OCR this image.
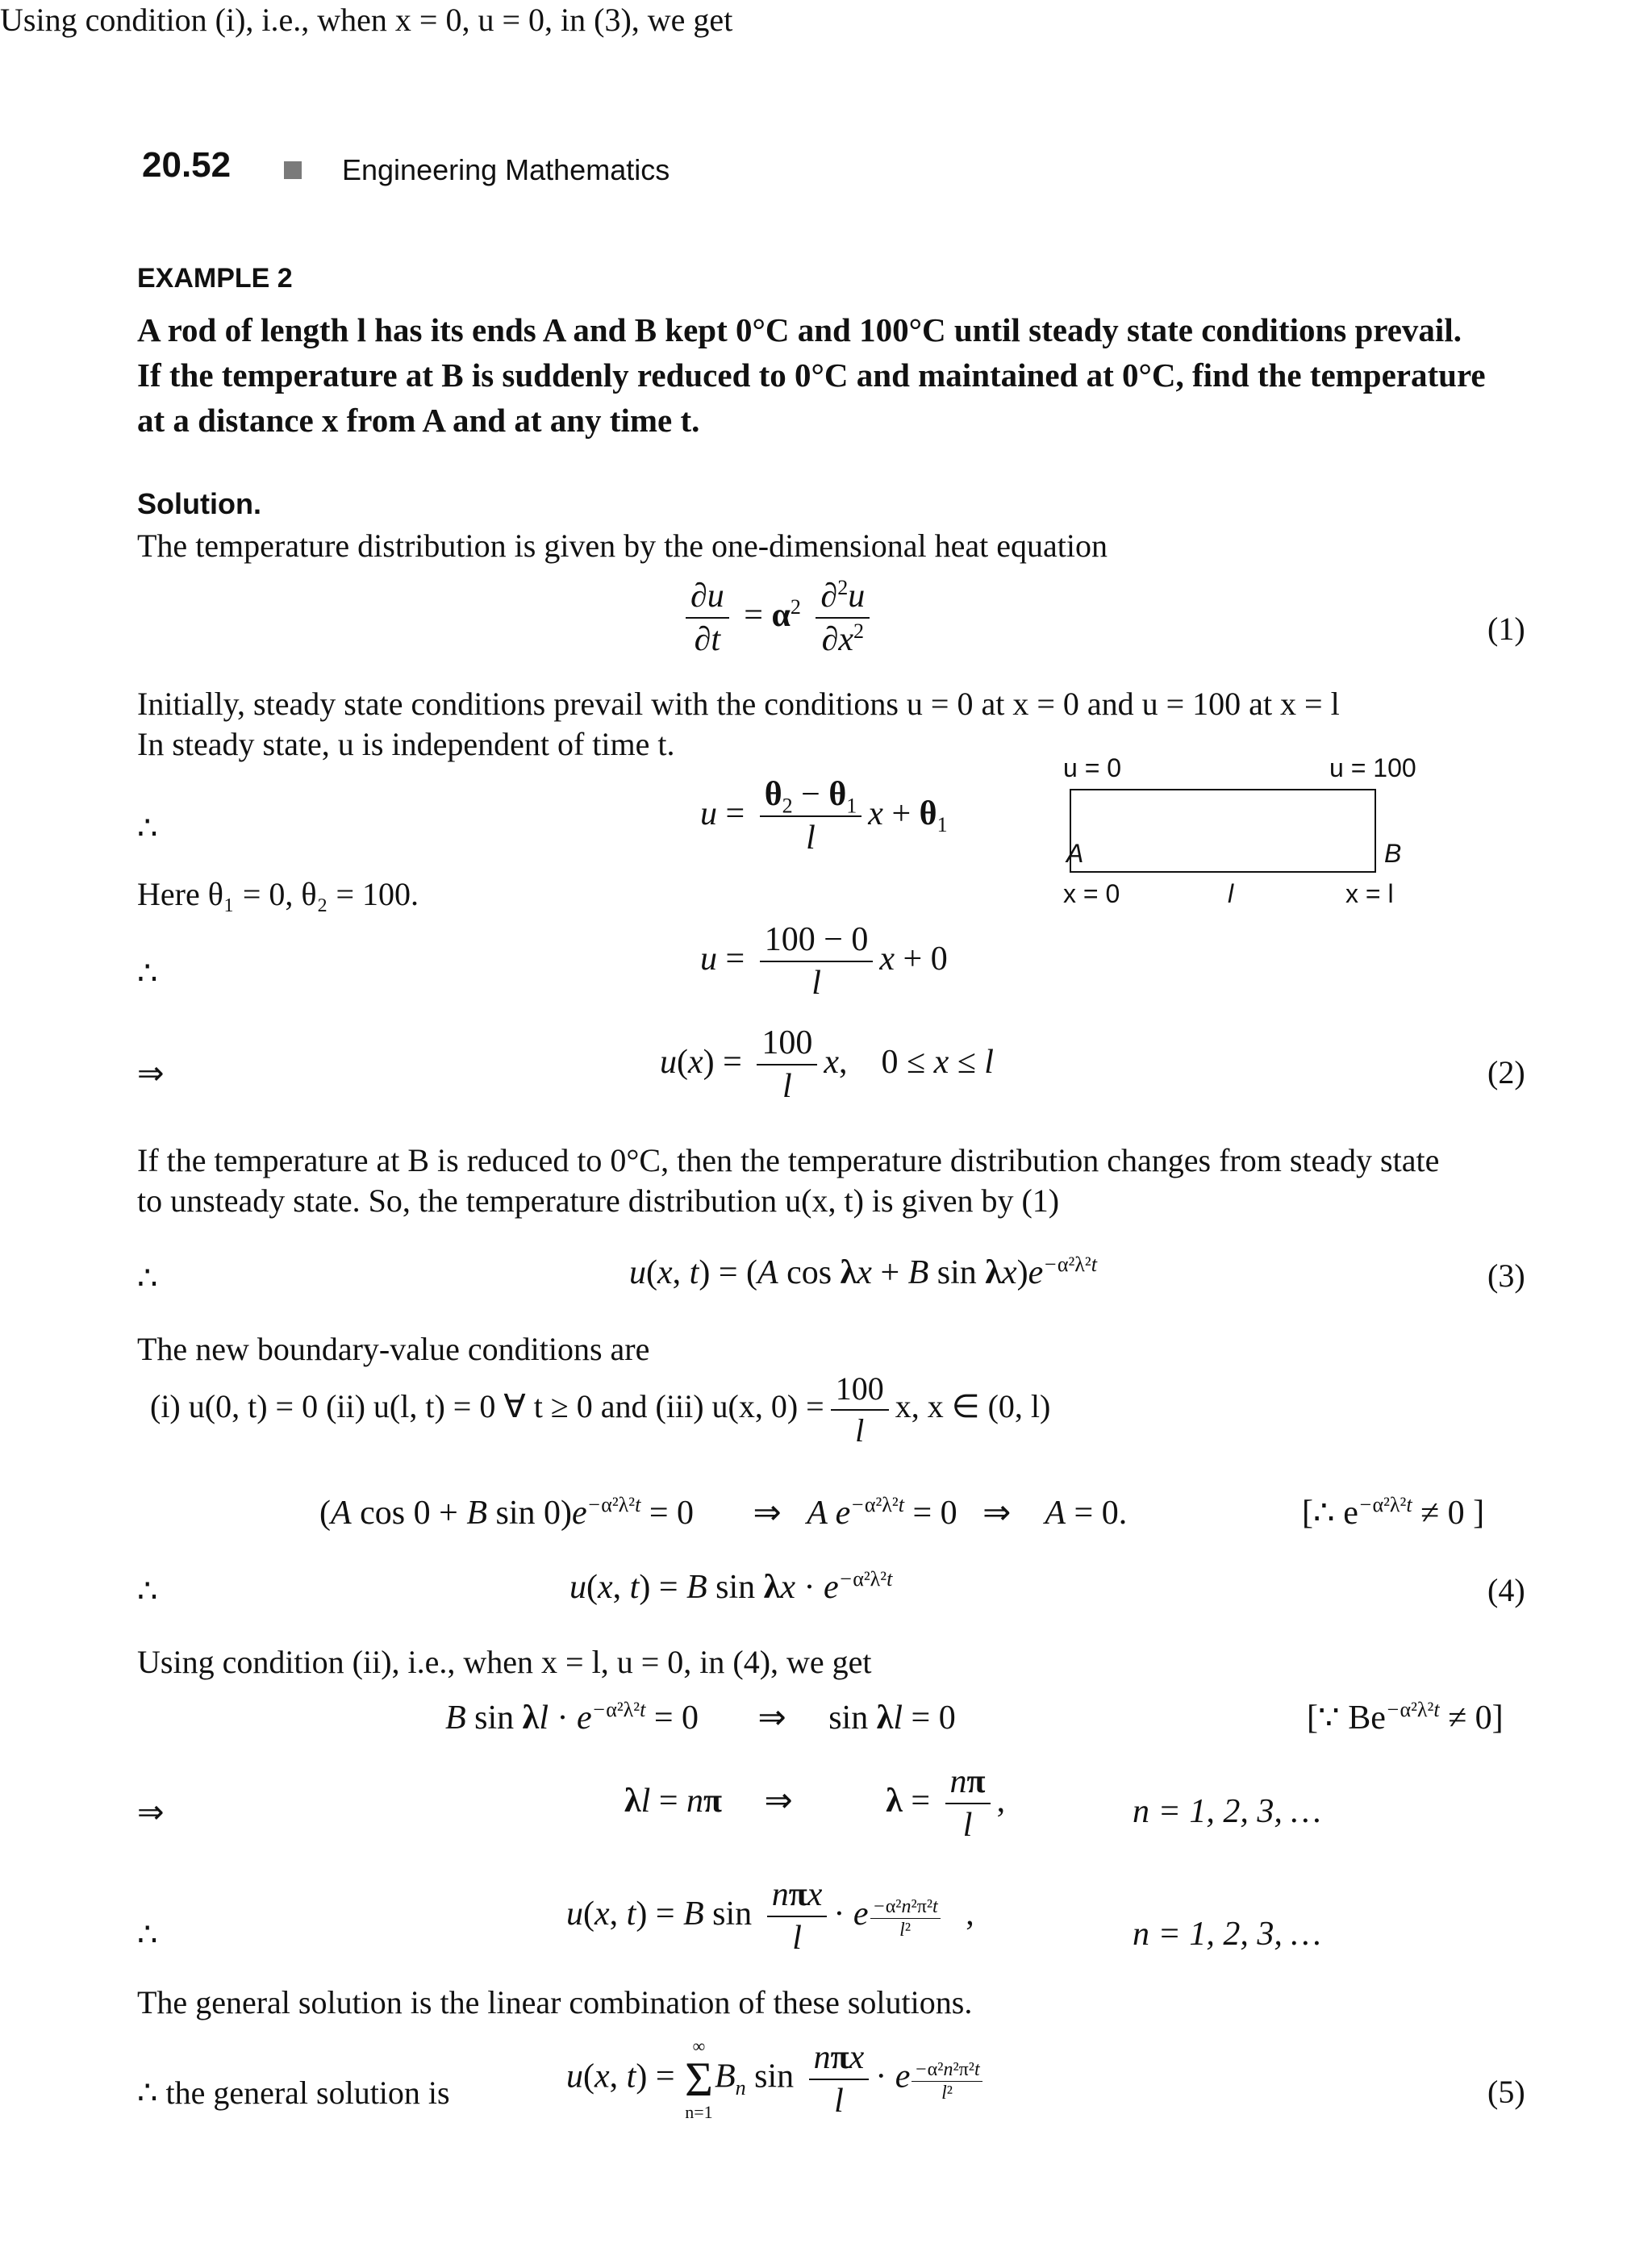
20.52	Engineering Mathematics
EXAMPLE 2
A rod of length l has its ends A and B kept 0°C and 100°C until steady state conditions prevail.
If the temperature at B is suddenly reduced to 0°C and maintained at 0°C, find the temperature
at a distance x from A and at any time t.
Solution.
The temperature distribution is given by the one-dimensional heat equation
$\frac{\partial u}{\partial t} = \alpha^2 \frac{\partial^2u}{\partial x^2}$	(1)
Initially, steady state conditions prevail with the conditions u = 0 at x = 0 and u = 100 at x = l
In steady state, u is independent of time t.
u = 0	u = 100
A	B
x = 0	l	x = l
∴	$u = \frac{\theta_2 - \theta_1}{l}$ $x + \theta_1$
Here θ₁ = 0, θ₂ = 100.
∴	$u = \frac{100 - 0}{l}$ x + 0
⇒	$u(x) = \frac{100}{l} x$,    0 ≤ x ≤ l	(2)
If the temperature at B is reduced to 0°C, then the temperature distribution changes from steady state
to unsteady state. So, the temperature distribution u(x, t) is given by (1)
∴	u(x, t) = (A cos λx + B $\sin \lambda x)e^{-\alpha^2\lambda^2t}$	(3)
The new boundary-value conditions are
(i) u(0, t) = 0 (ii) u(l, t) = 0 ∀ t ≥ 0 and (iii) u(x, $0) = \frac{100}{l} x$, x ∈ (0, l)
Using condition (i), i.e., when x = 0, u = 0, in (3), we get
(A cos 0 + B $\sin 0)e^{-\alpha^2\lambda^2t} = 0$       ⇒   A $e^{-\alpha^2\lambda^2t} = 0$   ⇒    A = 0.	[∴ $e^{-\alpha^2\lambda^2t} \ne 0$ ]
∴	u(x, t) = B $\sin \lambda x \cdot e^{-\alpha^2\lambda^2t}$	(4)
Using condition (ii), i.e., when x = l, u = 0, in (4), we get
B $\sin \lambda l \cdot e^{-\alpha^2\lambda^2t} = 0$       ⇒     sin λl = 0	[∵ $Be^{-\alpha^2\lambda^2t} \ne 0$]
⇒	λl = nπ     ⇒           $\lambda = \frac{n\pi}{l}$ ,	n = 1, 2, 3, …
∴
u(x, t) = B $\sin \frac{\text{nπx}}{l} \cdot e \frac{\text{−α²n²π²t}}{\text{l²}}$ ,
n = 1, 2, 3, …
The general solution is the linear combination of these solutions.
∴ the general solution is	u(x, t) =
∞
Σ
n=1
$B_n$ $\sin \frac{\text{nπx}}{l} \cdot e \frac{\text{−α²n²π²t}}{\text{l²}}$	(5)
